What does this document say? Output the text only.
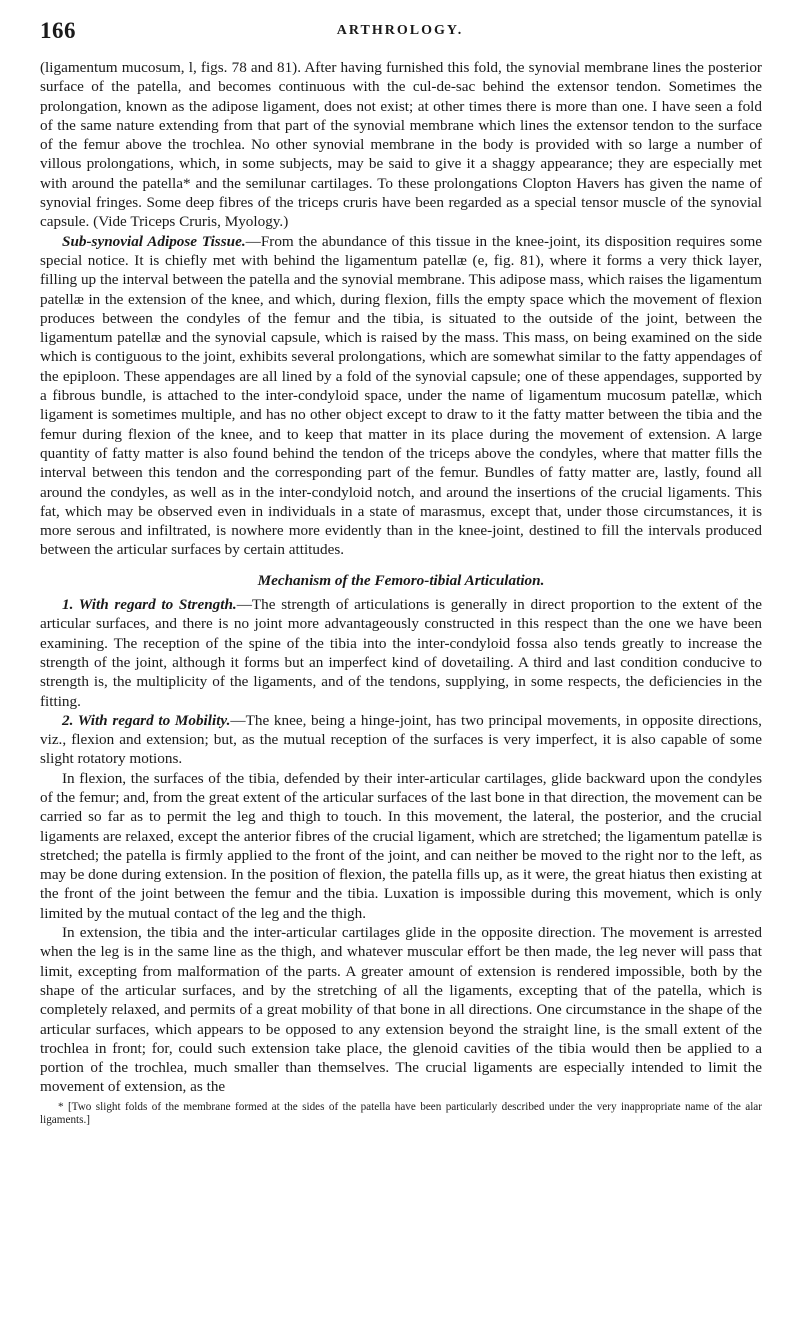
166	ARTHROLOGY.

(ligamentum mucosum, l, figs. 78 and 81). After having furnished this fold, the synovial membrane lines the posterior surface of the patella, and becomes continuous with the cul-de-sac behind the extensor tendon. Sometimes the prolongation, known as the adipose ligament, does not exist; at other times there is more than one. I have seen a fold of the same nature extending from that part of the synovial membrane which lines the extensor tendon to the surface of the femur above the trochlea. No other synovial membrane in the body is provided with so large a number of villous prolongations, which, in some subjects, may be said to give it a shaggy appearance; they are especially met with around the patella* and the semilunar cartilages. To these prolongations Clopton Havers has given the name of synovial fringes. Some deep fibres of the triceps cruris have been regarded as a special tensor muscle of the synovial capsule. (Vide Triceps Cruris, Myology.)

Sub-synovial Adipose Tissue.—From the abundance of this tissue in the knee-joint, its disposition requires some special notice. It is chiefly met with behind the ligamentum patellæ (e, fig. 81), where it forms a very thick layer, filling up the interval between the patella and the synovial membrane. This adipose mass, which raises the ligamentum patellæ in the extension of the knee, and which, during flexion, fills the empty space which the movement of flexion produces between the condyles of the femur and the tibia, is situated to the outside of the joint, between the ligamentum patellæ and the synovial capsule, which is raised by the mass. This mass, on being examined on the side which is contiguous to the joint, exhibits several prolongations, which are somewhat similar to the fatty appendages of the epiploon. These appendages are all lined by a fold of the synovial capsule; one of these appendages, supported by a fibrous bundle, is attached to the inter-condyloid space, under the name of ligamentum mucosum patellæ, which ligament is sometimes multiple, and has no other object except to draw to it the fatty matter between the tibia and the femur during flexion of the knee, and to keep that matter in its place during the movement of extension. A large quantity of fatty matter is also found behind the tendon of the triceps above the condyles, where that matter fills the interval between this tendon and the corresponding part of the femur. Bundles of fatty matter are, lastly, found all around the condyles, as well as in the inter-condyloid notch, and around the insertions of the crucial ligaments. This fat, which may be observed even in individuals in a state of marasmus, except that, under those circumstances, it is more serous and infiltrated, is nowhere more evidently than in the knee-joint, destined to fill the intervals produced between the articular surfaces by certain attitudes.

Mechanism of the Femoro-tibial Articulation.

1. With regard to Strength.—The strength of articulations is generally in direct proportion to the extent of the articular surfaces, and there is no joint more advantageously constructed in this respect than the one we have been examining. The reception of the spine of the tibia into the inter-condyloid fossa also tends greatly to increase the strength of the joint, although it forms but an imperfect kind of dovetailing. A third and last condition conducive to strength is, the multiplicity of the ligaments, and of the tendons, supplying, in some respects, the deficiencies in the fitting.

2. With regard to Mobility.—The knee, being a hinge-joint, has two principal movements, in opposite directions, viz., flexion and extension; but, as the mutual reception of the surfaces is very imperfect, it is also capable of some slight rotatory motions.

In flexion, the surfaces of the tibia, defended by their inter-articular cartilages, glide backward upon the condyles of the femur; and, from the great extent of the articular surfaces of the last bone in that direction, the movement can be carried so far as to permit the leg and thigh to touch. In this movement, the lateral, the posterior, and the crucial ligaments are relaxed, except the anterior fibres of the crucial ligament, which are stretched; the ligamentum patellæ is stretched; the patella is firmly applied to the front of the joint, and can neither be moved to the right nor to the left, as may be done during extension. In the position of flexion, the patella fills up, as it were, the great hiatus then existing at the front of the joint between the femur and the tibia. Luxation is impossible during this movement, which is only limited by the mutual contact of the leg and the thigh.

In extension, the tibia and the inter-articular cartilages glide in the opposite direction. The movement is arrested when the leg is in the same line as the thigh, and whatever muscular effort be then made, the leg never will pass that limit, excepting from malformation of the parts. A greater amount of extension is rendered impossible, both by the shape of the articular surfaces, and by the stretching of all the ligaments, excepting that of the patella, which is completely relaxed, and permits of a great mobility of that bone in all directions. One circumstance in the shape of the articular surfaces, which appears to be opposed to any extension beyond the straight line, is the small extent of the trochlea in front; for, could such extension take place, the glenoid cavities of the tibia would then be applied to a portion of the trochlea, much smaller than themselves. The crucial ligaments are especially intended to limit the movement of extension, as the

* [Two slight folds of the membrane formed at the sides of the patella have been particularly described under the very inappropriate name of the alar ligaments.]
